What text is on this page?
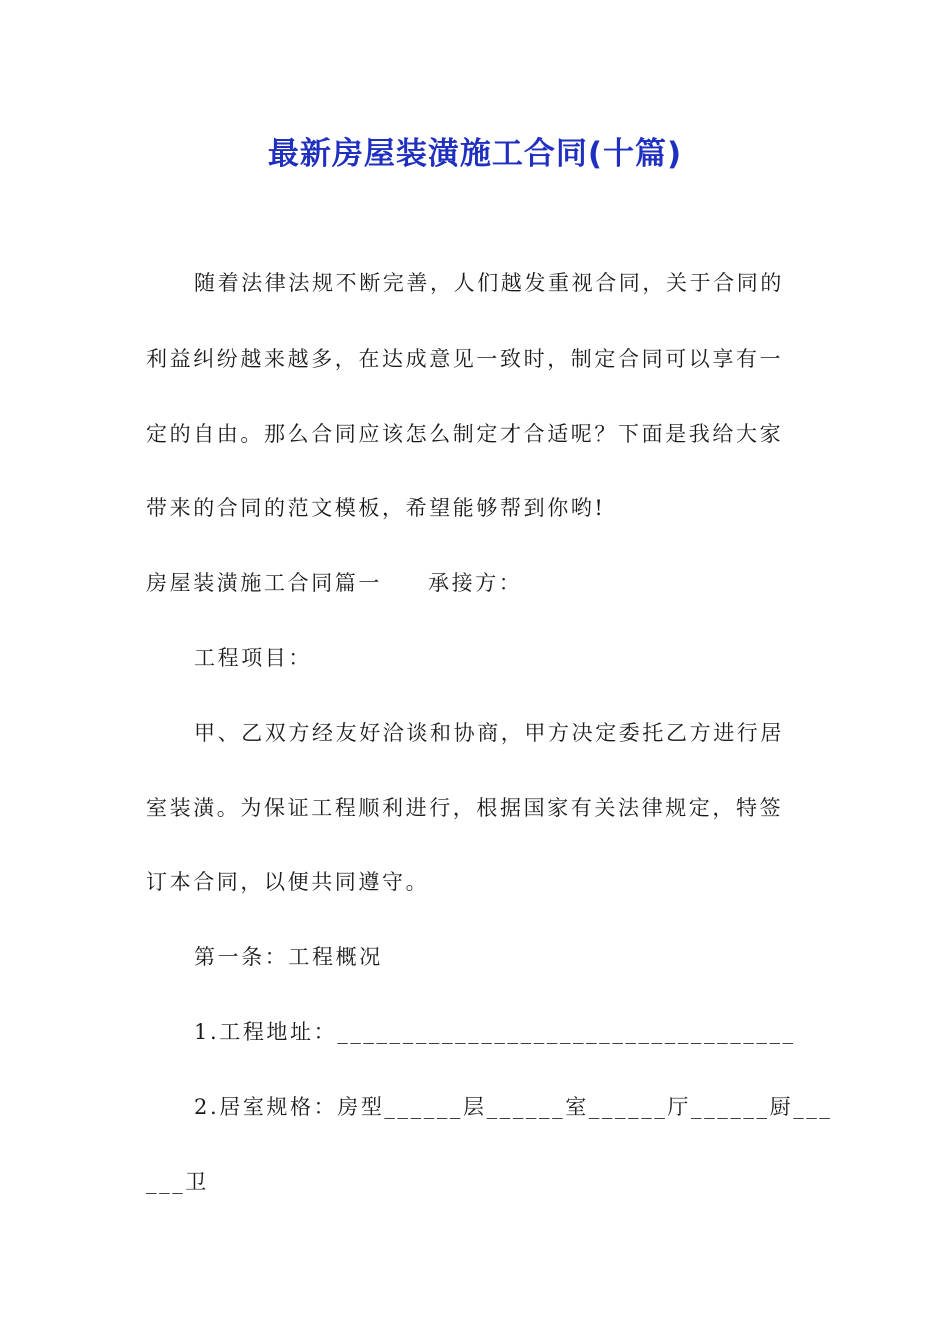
最新房屋装潢施工合同(十篇)
随着法律法规不断完善，人们越发重视合同，关于合同的
利益纠纷越来越多，在达成意见一致时，制定合同可以享有一
定的自由。那么合同应该怎么制定才合适呢？下面是我给大家
带来的合同的范文模板，希望能够帮到你哟!
房屋装潢施工合同篇一 承接方：
工程项目：
甲、乙双方经友好洽谈和协商，甲方决定委托乙方进行居
室装潢。为保证工程顺利进行，根据国家有关法律规定，特签
订本合同，以便共同遵守。
第一条：工程概况
1.工程地址：___________________________________
2.居室规格：房型______层______室______厅______厨___
___卫
